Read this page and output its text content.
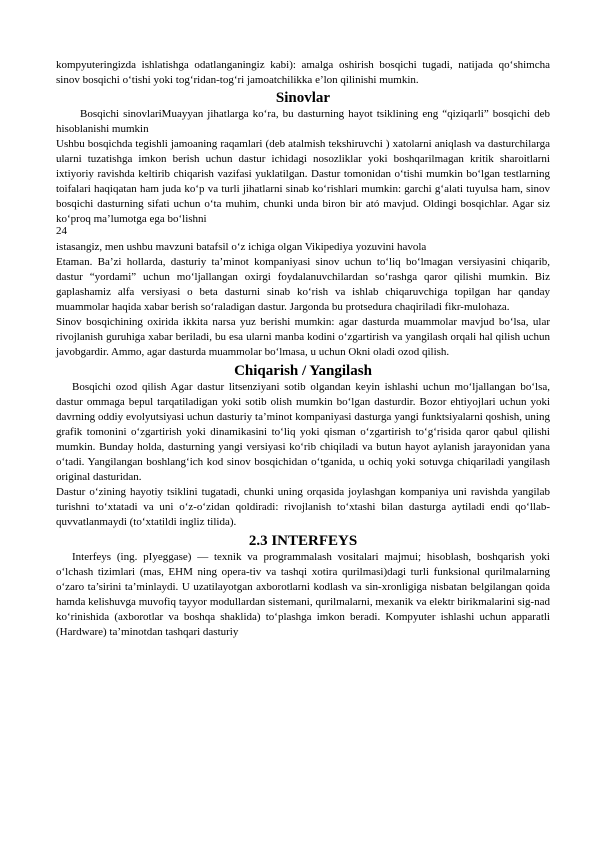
kompyuteringizda ishlatishga odatlanganingiz kabi): amalga oshirish bosqichi tugadi, natijada qo‘shimcha sinov bosqichi o‘tishi yoki tog‘ridan-tog‘ri jamoatchilikka e’lon qilinishi mumkin.

Sinovlar

Bosqichi sinovlariMuayyan jihatlarga ko‘ra, bu dasturning hayot tsiklining eng “qiziqarli” bosqichi deb hisoblanishi mumkin

Ushbu bosqichda tegishli jamoaning raqamlari (deb atalmish tekshiruvchi ) xatolarni aniqlash va dasturchilarga ularni tuzatishga imkon berish uchun dastur ichidagi nosozliklar yoki boshqarilmagan kritik sharoitlarni ixtiyoriy ravishda keltirib chiqarish vazifasi yuklatilgan. Dastur tomonidan o‘tishi mumkin bo‘lgan testlarning toifalari haqiqatan ham juda ko‘p va turli jihatlarni sinab ko‘rishlari mumkin: garchi g‘alati tuyulsa ham, sinov bosqichi dasturning sifati uchun o‘ta muhim, chunki unda biron bir ató mavjud. Oldingi bosqichlar. Agar siz ko‘proq ma’lumotga ega bo‘lishni

24

istasangiz, men ushbu mavzuni batafsil o‘z ichiga olgan Vikipediya yozuvini havola

Etaman. Ba’zi hollarda, dasturiy ta’minot kompaniyasi sinov uchun to‘liq bo‘lmagan versiyasini chiqarib, dastur “yordami” uchun mo‘ljallangan oxirgi foydalanuvchilardan so‘rashga qaror qilishi mumkin. Biz gaplashamiz alfa versiyasi o beta dasturni sinab ko‘rish va ishlab chiqaruvchiga topilgan har qanday muammolar haqida xabar berish so‘raladigan dastur. Jargonda bu protsedura chaqiriladi fikr-mulohaza.

Sinov bosqichining oxirida ikkita narsa yuz berishi mumkin: agar dasturda muammolar mavjud bo‘lsa, ular rivojlanish guruhiga xabar beriladi, bu esa ularni manba kodini o‘zgartirish va yangilash orqali hal qilish uchun javobgardir. Ammo, agar dasturda muammolar bo‘lmasa, u uchun Okni oladi ozod qilish.

Chiqarish / Yangilash

Bosqichi ozod qilish Agar dastur litsenziyani sotib olgandan keyin ishlashi uchun mo‘ljallangan bo‘lsa, dastur ommaga bepul tarqatiladigan yoki sotib olish mumkin bo‘lgan dasturdir. Bozor ehtiyojlari uchun yoki davrning oddiy evolyutsiyasi uchun dasturiy ta’minot kompaniyasi dasturga yangi funktsiyalarni qoshish, uning grafik tomonini o‘zgartirish yoki dinamikasini to‘liq yoki qisman o‘zgartirish to‘g‘risida qaror qabul qilishi mumkin. Bunday holda, dasturning yangi versiyasi ko‘rib chiqiladi va butun hayot aylanish jarayonidan yana o‘tadi. Yangilangan boshlang‘ich kod sinov bosqichidan o‘tganida, u ochiq yoki sotuvga chiqariladi yangilash original dasturidan.

Dastur o‘zining hayotiy tsiklini tugatadi, chunki uning orqasida joylashgan kompaniya uni ravishda yangilab turishni to‘xtatadi va uni o‘z-o‘zidan qoldiradi: rivojlanish to‘xtashi bilan dasturga aytiladi endi qo‘llab-quvvatlanmaydi (to‘xtatildi ingliz tilida).

2.3 INTERFEYS

Interfeys (ing. pIyeggase) — texnik va programmalash vositalari majmui; hisoblash, boshqarish yoki o‘lchash tizimlari (mas, EHM ning opera-tiv va tashqi xotira qurilmasi)dagi turli funksional qurilmalarning o‘zaro ta’sirini ta’minlaydi. U uzatilayotgan axborotlarni kodlash va sin-xronligiga nisbatan belgilangan qoida hamda kelishuvga muvofiq tayyor modullardan sistemani, qurilmalarni, mexanik va elektr birikmalarini sig-nad ko‘rinishida (axborotlar va boshqa shaklida) to‘plashga imkon beradi. Kompyuter ishlashi uchun apparatli (Hardware) ta’minotdan tashqari dasturiy
